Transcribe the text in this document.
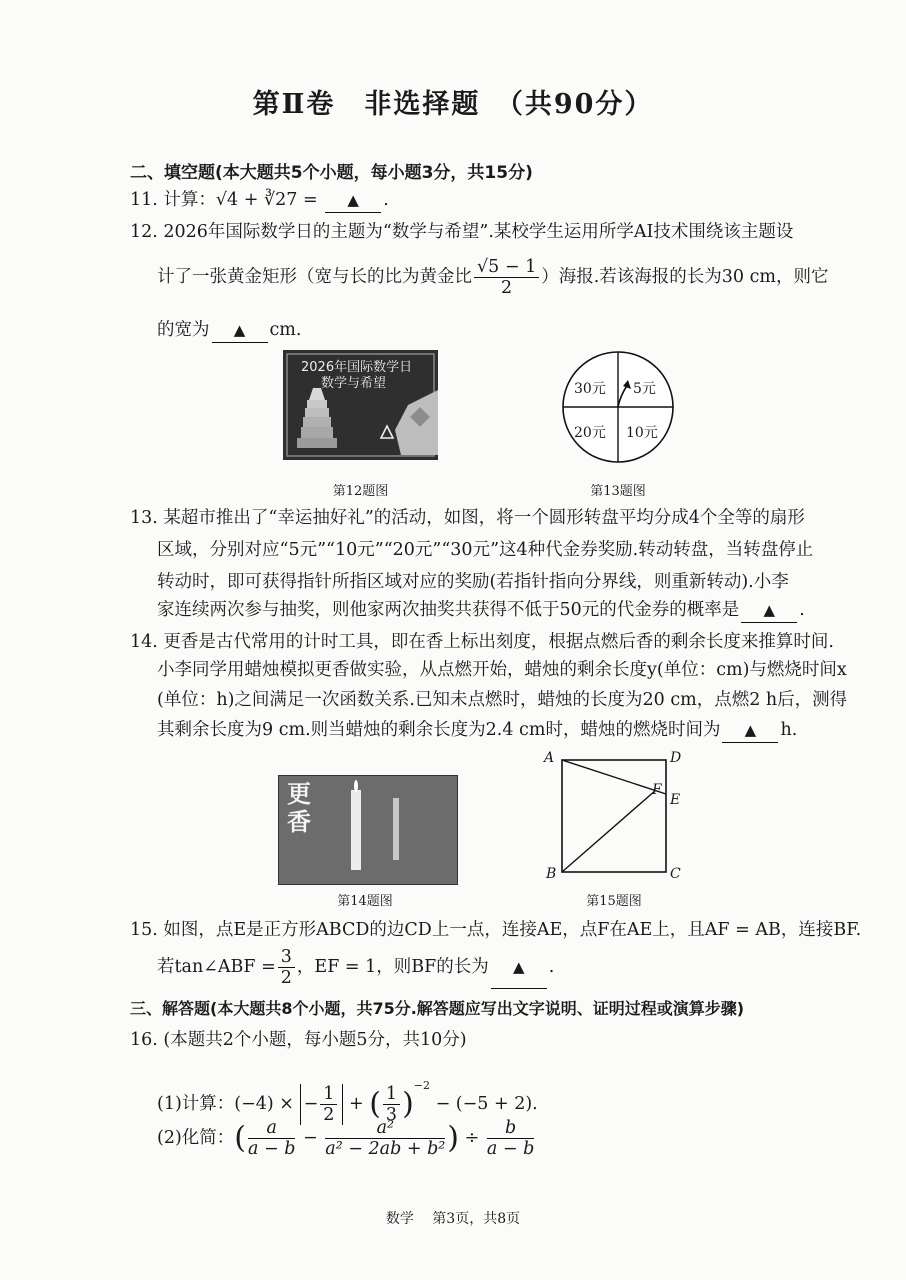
第Ⅱ卷　非选择题　（共90分）
二、填空题(本大题共5个小题，每小题3分，共15分)
11. 计算：√4 + ∛27 = ▲ .
12. 2026年国际数学日的主题为“数学与希望”.某校学生运用所学AI技术围绕该主题设
计了一张黄金矩形（宽与长的比为黄金比 $\frac{√5 - 1}{2}$ ）海报.若该海报的长为30 cm，则它
的宽为 ▲ cm.
2026年国际数学日
数学与希望
第12题图
30元 5元
20元 10元
第13题图
13. 某超市推出了“幸运抽好礼”的活动，如图，将一个圆形转盘平均分成4个全等的扇形
区域，分别对应“5元”“10元”“20元”“30元”这4种代金券奖励.转动转盘，当转盘停止
转动时，即可获得指针所指区域对应的奖励(若指针指向分界线，则重新转动).小李
家连续两次参与抽奖，则他家两次抽奖共获得不低于50元的代金券的概率是 ▲ .
14. 更香是古代常用的计时工具，即在香上标出刻度，根据点燃后香的剩余长度来推算时间.
小李同学用蜡烛模拟更香做实验，从点燃开始，蜡烛的剩余长度y(单位：cm)与燃烧时间x
(单位：h)之间满足一次函数关系.已知未点燃时，蜡烛的长度为20 cm，点燃2 h后，测得
其剩余长度为9 cm.则当蜡烛的剩余长度为2.4 cm时，蜡烛的燃烧时间为 ▲ h.
更香
第14题图
A	D
F
E
B	C
第15题图
15. 如图，点E是正方形ABCD的边CD上一点，连接AE，点F在AE上，且AF = AB，连接BF.
若tan∠ABF = $\frac{3}{2}$ ，EF = 1，则BF的长为 ▲ .
三、解答题(本大题共8个小题，共75分.解答题应写出文字说明、证明过程或演算步骤)
16. (本题共2个小题，每小题5分，共10分)
(1)计算：(−4) × − $\frac{1}{2}$ + ( $\frac{1}{3} )^{-2} - (-5 + 2)$.
(2)化简：( $\frac{a}{a - b} - \frac{\text{a²}}{\text{a² − 2ab + b²}}$ ) ÷ $\frac{b}{a - b}$
数学　 第3页，共8页
